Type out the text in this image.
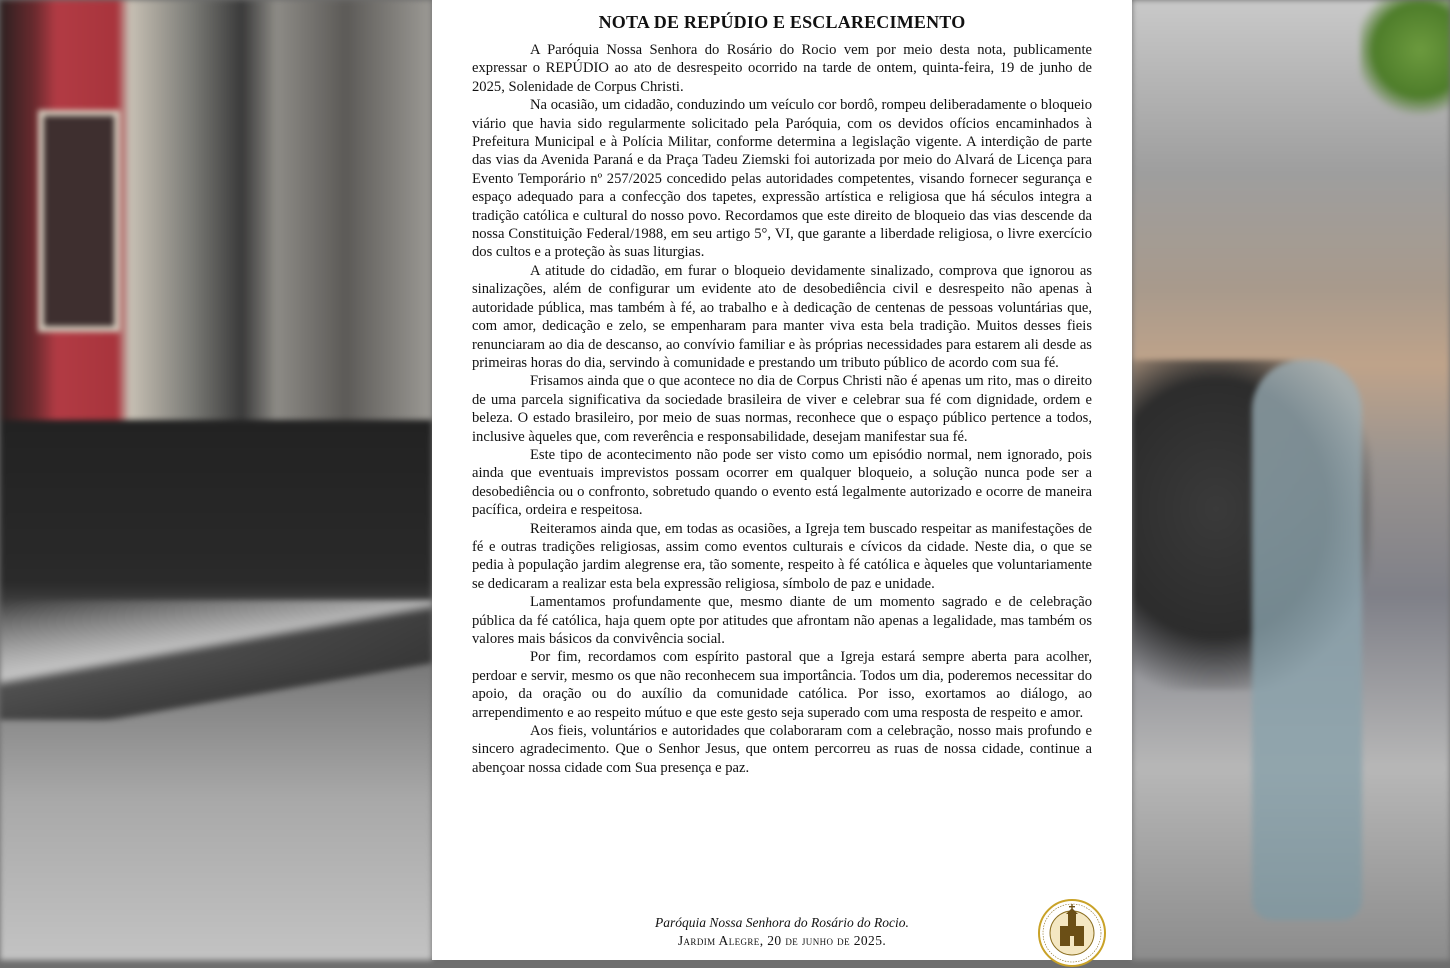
NOTA DE REPÚDIO E ESCLARECIMENTO

A Paróquia Nossa Senhora do Rosário do Rocio vem por meio desta nota, publicamente expressar o REPÚDIO ao ato de desrespeito ocorrido na tarde de ontem, quinta-feira, 19 de junho de 2025, Solenidade de Corpus Christi.

Na ocasião, um cidadão, conduzindo um veículo cor bordô, rompeu deliberadamente o bloqueio viário que havia sido regularmente solicitado pela Paróquia, com os devidos ofícios encaminhados à Prefeitura Municipal e à Polícia Militar, conforme determina a legislação vigente. A interdição de parte das vias da Avenida Paraná e da Praça Tadeu Ziemski foi autorizada por meio do Alvará de Licença para Evento Temporário nº 257/2025 concedido pelas autoridades competentes, visando fornecer segurança e espaço adequado para a confecção dos tapetes, expressão artística e religiosa que há séculos integra a tradição católica e cultural do nosso povo. Recordamos que este direito de bloqueio das vias descende da nossa Constituição Federal/1988, em seu artigo 5°, VI, que garante a liberdade religiosa, o livre exercício dos cultos e a proteção às suas liturgias.

A atitude do cidadão, em furar o bloqueio devidamente sinalizado, comprova que ignorou as sinalizações, além de configurar um evidente ato de desobediência civil e desrespeito não apenas à autoridade pública, mas também à fé, ao trabalho e à dedicação de centenas de pessoas voluntárias que, com amor, dedicação e zelo, se empenharam para manter viva esta bela tradição. Muitos desses fieis renunciaram ao dia de descanso, ao convívio familiar e às próprias necessidades para estarem ali desde as primeiras horas do dia, servindo à comunidade e prestando um tributo público de acordo com sua fé.

Frisamos ainda que o que acontece no dia de Corpus Christi não é apenas um rito, mas o direito de uma parcela significativa da sociedade brasileira de viver e celebrar sua fé com dignidade, ordem e beleza. O estado brasileiro, por meio de suas normas, reconhece que o espaço público pertence a todos, inclusive àqueles que, com reverência e responsabilidade, desejam manifestar sua fé.

Este tipo de acontecimento não pode ser visto como um episódio normal, nem ignorado, pois ainda que eventuais imprevistos possam ocorrer em qualquer bloqueio, a solução nunca pode ser a desobediência ou o confronto, sobretudo quando o evento está legalmente autorizado e ocorre de maneira pacífica, ordeira e respeitosa.

Reiteramos ainda que, em todas as ocasiões, a Igreja tem buscado respeitar as manifestações de fé e outras tradições religiosas, assim como eventos culturais e cívicos da cidade. Neste dia, o que se pedia à população jardim alegrense era, tão somente, respeito à fé católica e àqueles que voluntariamente se dedicaram a realizar esta bela expressão religiosa, símbolo de paz e unidade.

Lamentamos profundamente que, mesmo diante de um momento sagrado e de celebração pública da fé católica, haja quem opte por atitudes que afrontam não apenas a legalidade, mas também os valores mais básicos da convivência social.

Por fim, recordamos com espírito pastoral que a Igreja estará sempre aberta para acolher, perdoar e servir, mesmo os que não reconhecem sua importância. Todos um dia, poderemos necessitar do apoio, da oração ou do auxílio da comunidade católica. Por isso, exortamos ao diálogo, ao arrependimento e ao respeito mútuo e que este gesto seja superado com uma resposta de respeito e amor.

Aos fieis, voluntários e autoridades que colaboraram com a celebração, nosso mais profundo e sincero agradecimento. Que o Senhor Jesus, que ontem percorreu as ruas de nossa cidade, continue a abençoar nossa cidade com Sua presença e paz.

Paróquia Nossa Senhora do Rosário do Rocio.
Jardim Alegre, 20 de junho de 2025.
